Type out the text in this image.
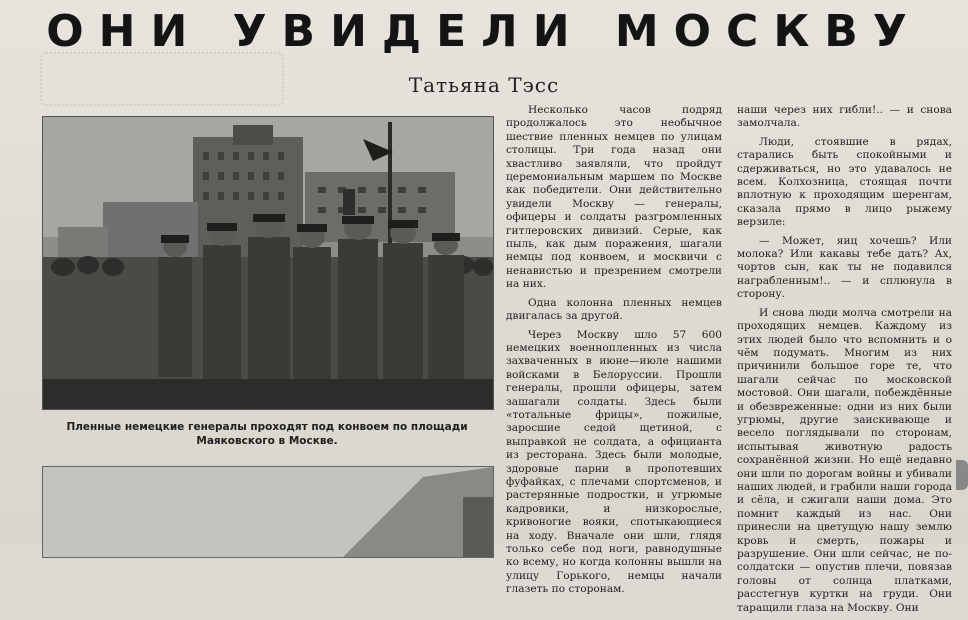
ОНИ УВИДЕЛИ МОСКВУ
Татьяна Тэсс
Пленные немецкие генералы проходят под конвоем по площади Маяковского в Москве.

Несколько часов подряд продолжалось это необычное шествие пленных немцев по улицам столицы. Три года назад они хвастливо заявляли, что пройдут церемониальным маршем по Москве как победители. Они действительно увидели Москву — генералы, офицеры и солдаты разгромленных гитлеровских дивизий. Серые, как пыль, как дым поражения, шагали немцы под конвоем, и москвичи с ненавистью и презрением смотрели на них.

Одна колонна пленных немцев двигалась за другой.

Через Москву шло 57 600 немецких военнопленных из числа захваченных в июне—июле нашими войсками в Белоруссии. Прошли генералы, прошли офицеры, затем зашагали солдаты. Здесь были «тотальные фрицы», пожилые, заросшие седой щетиной, с выправкой не солдата, а официанта из ресторана. Здесь были молодые, здоровые парни в пропотевших фуфайках, с плечами спортсменов, и растерянные подростки, и угрюмые кадровики, и низкорослые, кривоногие вояки, спотыкающиеся на ходу. Вначале они шли, глядя только себе под ноги, равнодушные ко всему, но когда колонны вышли на улицу Горького, немцы начали глазеть по сторонам.

наши через них гибли!.. — и снова замолчала.

Люди, стоявшие в рядах, старались быть спокойными и сдерживаться, но это удавалось не всем. Колхозница, стоящая почти вплотную к проходящим шеренгам, сказала прямо в лицо рыжему верзиле:

— Может, яиц хочешь? Или молока? Или какавы тебе дать? Ах, чортов сын, как ты не подавился награбленным!.. — и сплюнула в сторону.

И снова люди молча смотрели на проходящих немцев. Каждому из этих людей было что вспомнить и о чём подумать. Многим из них причинили большое горе те, что шагали сейчас по московской мостовой. Они шагали, побеждённые и обезвреженные: одни из них были угрюмы, другие заискивающе и весело поглядывали по сторонам, испытывая животную радость сохранённой жизни. Но ещё недавно они шли по дорогам войны и убивали наших людей, и грабили наши города и сёла, и сжигали наши дома. Это помнит каждый из нас. Они принесли на цветущую нашу землю кровь и смерть, пожары и разрушение. Они шли сейчас, не по-солдатски — опустив плечи, повязав головы от солнца платками, расстегнув куртки на груди. Они таращили глаза на Москву. Они
